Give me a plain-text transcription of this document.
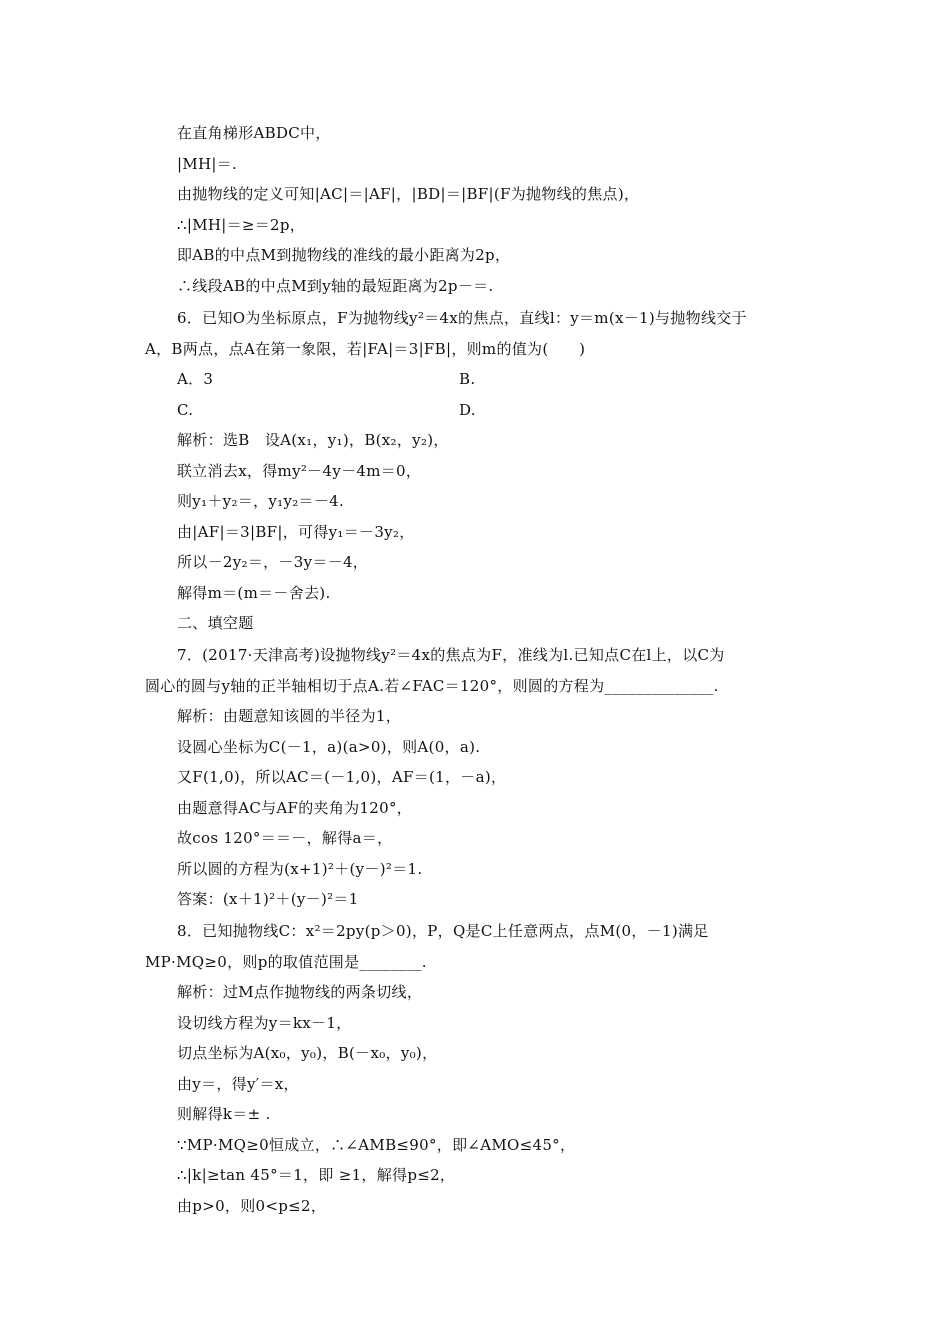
在直角梯形ABDC中，
|MH|＝.
由抛物线的定义可知|AC|＝|AF|，|BD|＝|BF|(F为抛物线的焦点)，
∴|MH|＝≥＝2p，
即AB的中点M到抛物线的准线的最小距离为2p，
∴线段AB的中点M到y轴的最短距离为2p－＝.
6．已知O为坐标原点，F为抛物线y²＝4x的焦点，直线l：y＝m(x－1)与抛物线交于
A，B两点，点A在第一象限，若|FA|＝3|FB|，则m的值为(　　)
A．3	B.
C.	D.
解析：选B　设A(x₁，y₁)，B(x₂，y₂)，
联立消去x，得my²－4y－4m＝0，
则y₁＋y₂＝，y₁y₂＝－4.
由|AF|＝3|BF|，可得y₁＝－3y₂，
所以－2y₂＝，－3y＝－4，
解得m＝(m＝－舍去).
二、填空题
7．(2017·天津高考)设抛物线y²＝4x的焦点为F，准线为l.已知点C在l上，以C为
圆心的圆与y轴的正半轴相切于点A.若∠FAC＝120°，则圆的方程为______________.
解析：由题意知该圆的半径为1，
设圆心坐标为C(－1，a)(a>0)，则A(0，a).
又F(1,0)，所以AC＝(－1,0)，AF＝(1，－a)，
由题意得AC与AF的夹角为120°，
故cos 120°＝＝－，解得a＝，
所以圆的方程为(x+1)²＋(y－)²＝1.
答案：(x＋1)²＋(y－)²＝1
8．已知抛物线C：x²＝2py(p＞0)，P，Q是C上任意两点，点M(0，－1)满足
MP·MQ≥0，则p的取值范围是________.
解析：过M点作抛物线的两条切线，
设切线方程为y＝kx－1，
切点坐标为A(x₀，y₀)，B(－x₀，y₀)，
由y＝，得y′＝x，
则解得k＝± .
∵MP·MQ≥0恒成立，∴∠AMB≤90°，即∠AMO≤45°，
∴|k|≥tan 45°＝1，即 ≥1，解得p≤2，
由p>0，则0<p≤2，
